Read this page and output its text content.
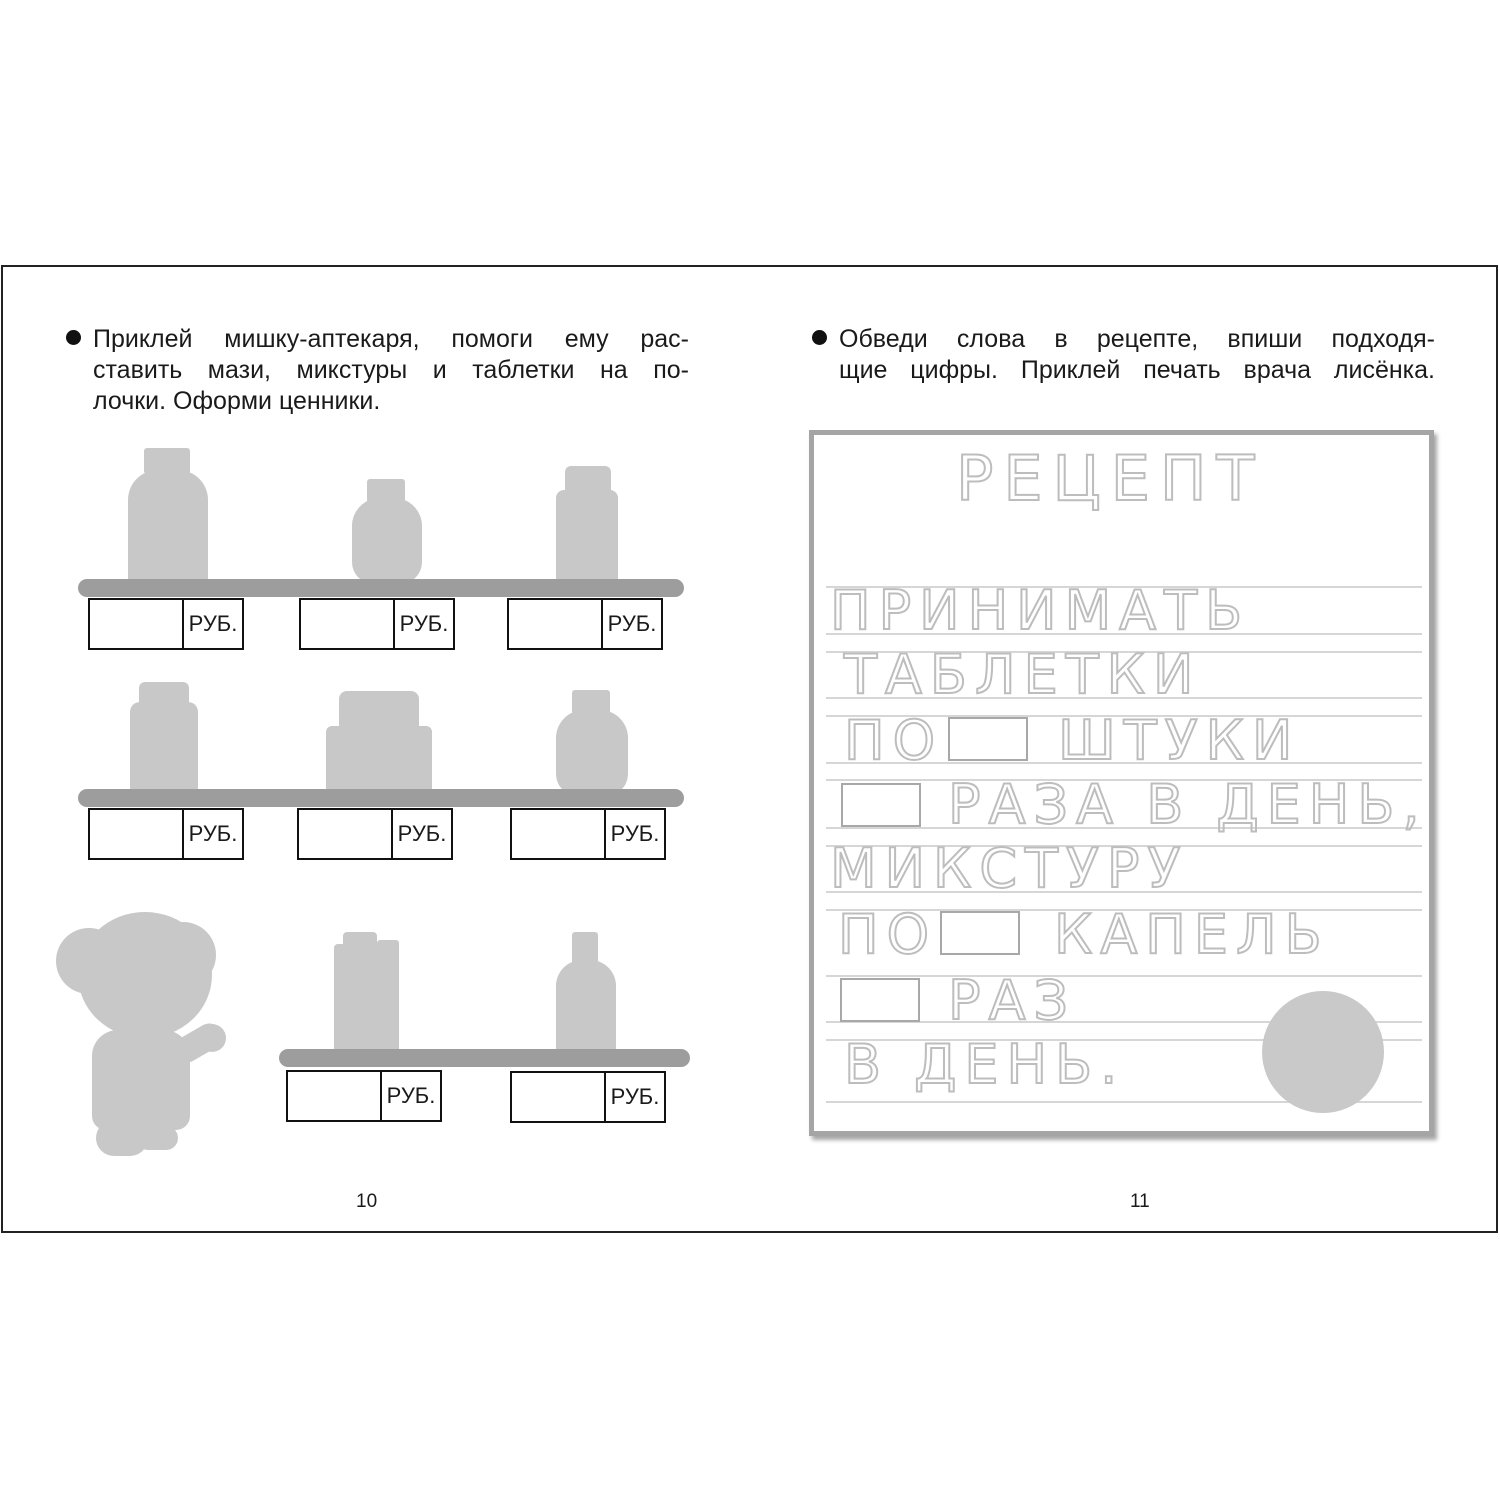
Приклей мишку-аптекаря, помоги ему рас-
ставить мази, микстуры и таблетки на по-
лочки. Оформи ценники.
РУБ.	РУБ.	РУБ.
РУБ.	РУБ.	РУБ.
РУБ.	РУБ.
10
Обведи слова в рецепте, впиши подходя-
щие цифры. Приклей печать врача лисёнка.
РЕЦЕПТ
ПРИНИМАТЬ
ТАБЛЕТКИ
ПО ШТУКИ
РАЗА В ДЕНЬ,
МИКСТУРУ
ПО КАПЕЛЬ
РАЗ
В ДЕНЬ.
11
